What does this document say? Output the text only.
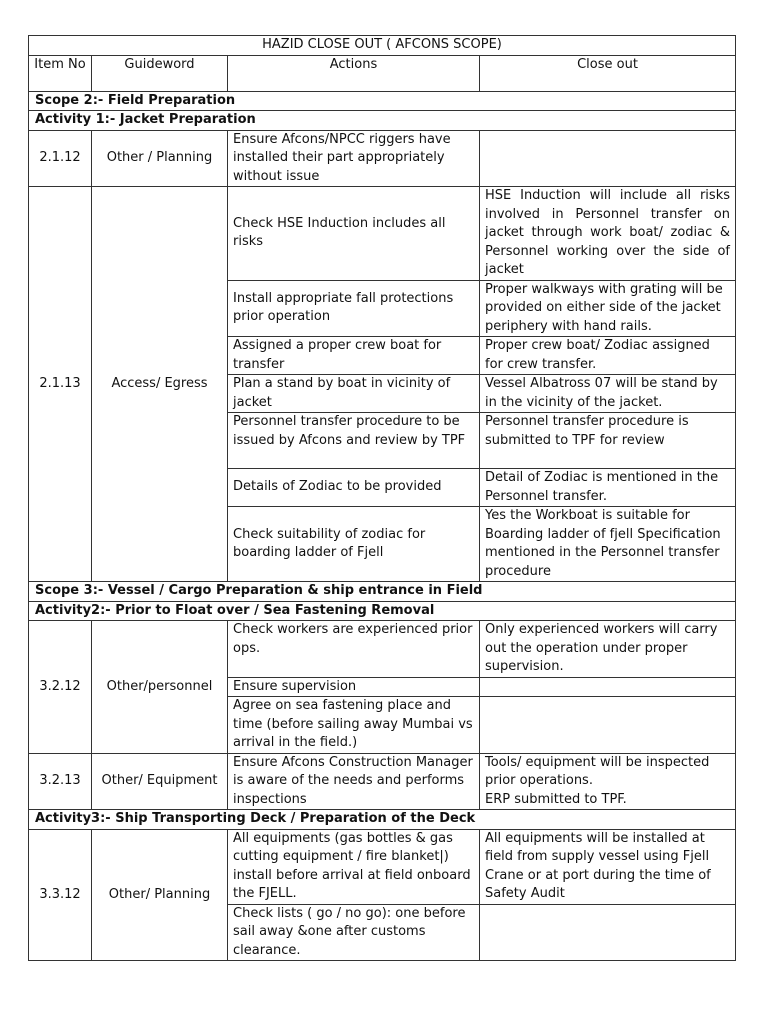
HAZID CLOSE OUT ( AFCONS SCOPE)			
Item No	Guideword	Actions	Close out
Scope 2:- Field Preparation			
Activity 1:- Jacket Preparation			
2.1.12	Other / Planning	Ensure Afcons/NPCC riggers have installed their part appropriately without issue	
2.1.13	Access/ Egress	Check HSE Induction includes all risks	HSE Induction will include all risks involved in Personnel transfer on jacket through work boat/ zodiac & Personnel working over the side of jacket
		Install appropriate fall protections prior operation	Proper walkways with grating will be provided on either side of the jacket periphery with hand rails.
		Assigned a proper crew boat for transfer	Proper crew boat/ Zodiac assigned for crew transfer.
		Plan a stand by boat in vicinity of jacket	Vessel Albatross 07 will be stand by in the vicinity of the jacket.
		Personnel transfer procedure to be issued by Afcons and review by TPF	Personnel transfer procedure is submitted to TPF for review
		Details of Zodiac to be provided	Detail of Zodiac is mentioned in the Personnel transfer.
		Check suitability of zodiac for boarding ladder of Fjell	Yes the Workboat is suitable for Boarding ladder of fjell Specification mentioned in the Personnel transfer procedure
Scope 3:- Vessel / Cargo Preparation & ship entrance in Field			
Activity2:- Prior to Float over / Sea Fastening Removal			
3.2.12	Other/personnel	Check workers are experienced prior ops.	Only experienced workers will carry out the operation under proper supervision.
		Ensure supervision	
		Agree on sea fastening place and time (before sailing away Mumbai vs arrival in the field.)	
3.2.13	Other/ Equipment	Ensure Afcons Construction Manager is aware of the needs and performs inspections	Tools/ equipment will be inspected prior operations.
ERP submitted to TPF.

Activity3:- Ship Transporting Deck / Preparation of the Deck			
3.3.12	Other/ Planning	All equipments (gas bottles & gas cutting equipment / fire blanket|) install before arrival at field onboard the FJELL.	All equipments will be installed at field from supply vessel using Fjell Crane or at port during the time of Safety Audit
		Check lists ( go / no go): one before sail away &one after customs clearance.	
